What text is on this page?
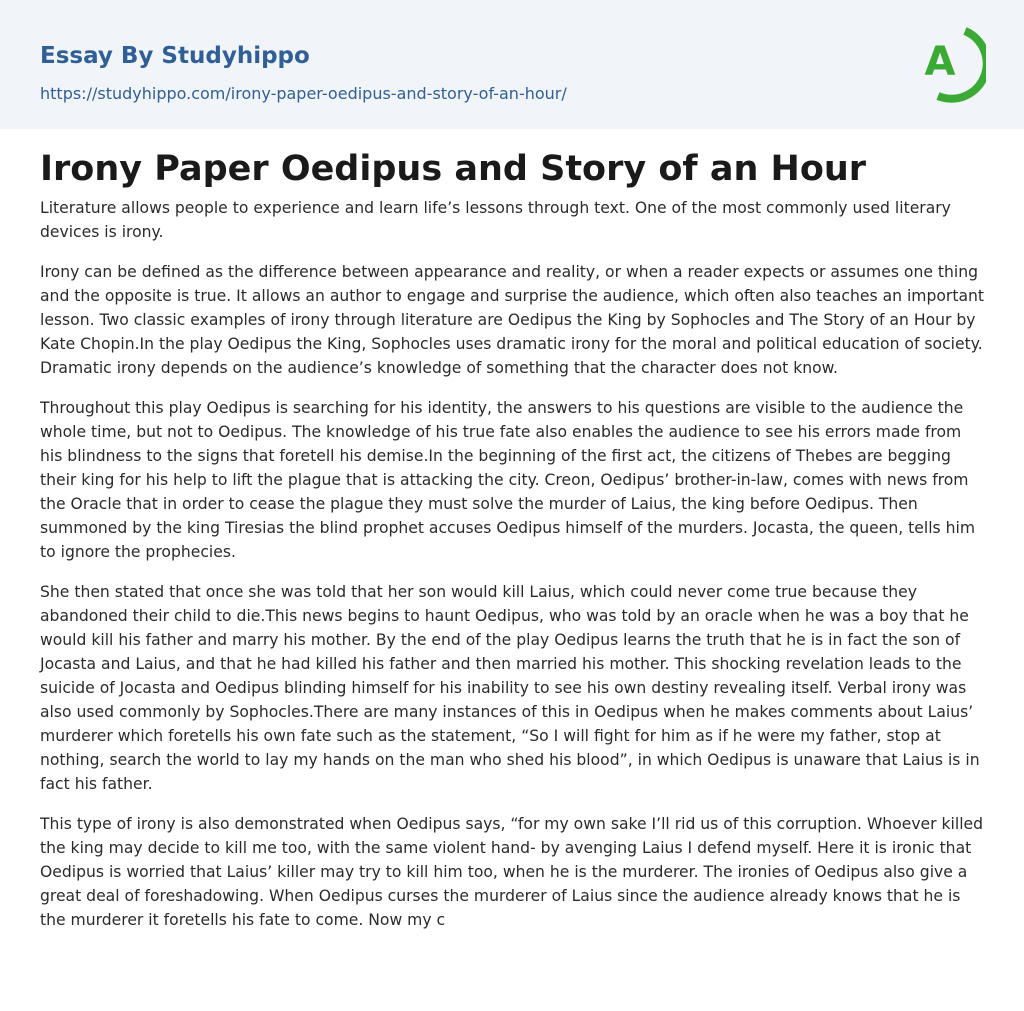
Essay By Studyhippo
https://studyhippo.com/irony-paper-oedipus-and-story-of-an-hour/
A
Irony Paper Oedipus and Story of an Hour

Literature allows people to experience and learn life’s lessons through text. One of the most commonly used literary devices is irony.

Irony can be defined as the difference between appearance and reality, or when a reader expects or assumes one thing and the opposite is true. It allows an author to engage and surprise the audience, which often also teaches an important lesson. Two classic examples of irony through literature are Oedipus the King by Sophocles and The Story of an Hour by Kate Chopin.In the play Oedipus the King, Sophocles uses dramatic irony for the moral and political education of society. Dramatic irony depends on the audience’s knowledge of something that the character does not know.

Throughout this play Oedipus is searching for his identity, the answers to his questions are visible to the audience the whole time, but not to Oedipus. The knowledge of his true fate also enables the audience to see his errors made from his blindness to the signs that foretell his demise.In the beginning of the first act, the citizens of Thebes are begging their king for his help to lift the plague that is attacking the city. Creon, Oedipus’ brother-in-law, comes with news from the Oracle that in order to cease the plague they must solve the murder of Laius, the king before Oedipus. Then summoned by the king Tiresias the blind prophet accuses Oedipus himself of the murders. Jocasta, the queen, tells him to ignore the prophecies.

She then stated that once she was told that her son would kill Laius, which could never come true because they abandoned their child to die.This news begins to haunt Oedipus, who was told by an oracle when he was a boy that he would kill his father and marry his mother. By the end of the play Oedipus learns the truth that he is in fact the son of Jocasta and Laius, and that he had killed his father and then married his mother. This shocking revelation leads to the suicide of Jocasta and Oedipus blinding himself for his inability to see his own destiny revealing itself. Verbal irony was also used commonly by Sophocles.There are many instances of this in Oedipus when he makes comments about Laius’ murderer which foretells his own fate such as the statement, “So I will fight for him as if he were my father, stop at nothing, search the world to lay my hands on the man who shed his blood”, in which Oedipus is unaware that Laius is in fact his father.

This type of irony is also demonstrated when Oedipus says, “for my own sake I’ll rid us of this corruption. Whoever killed the king may decide to kill me too, with the same violent hand- by avenging Laius I defend myself. Here it is ironic that Oedipus is worried that Laius’ killer may try to kill him too, when he is the murderer. The ironies of Oedipus also give a great deal of foreshadowing. When Oedipus curses the murderer of Laius since the audience already knows that he is the murderer it foretells his fate to come. Now my c
